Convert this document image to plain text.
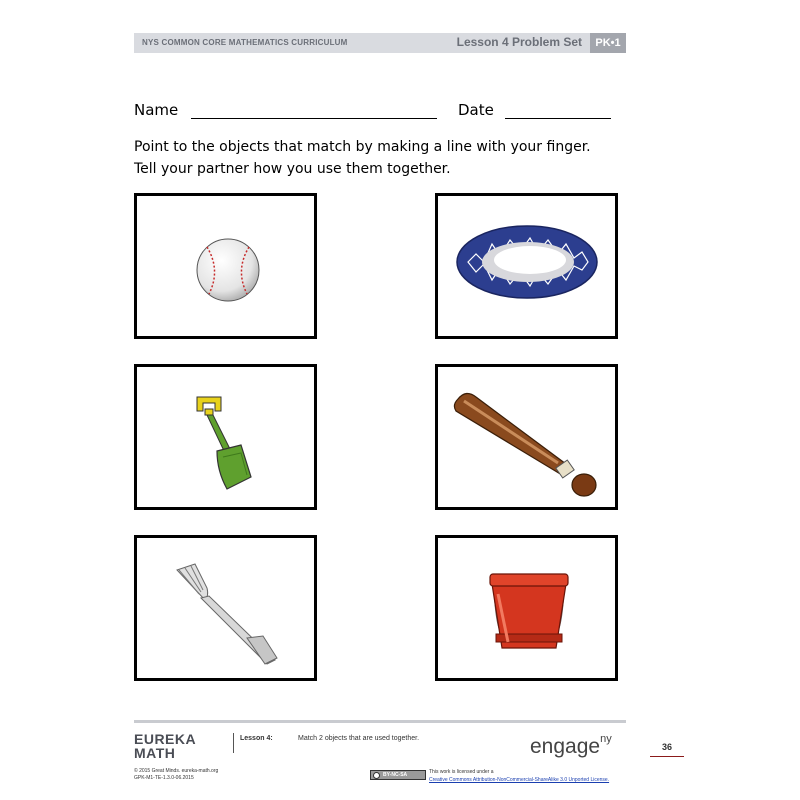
NYS COMMON CORE MATHEMATICS CURRICULUM	Lesson 4 Problem Set	PK•1
Name	Date
Point to the objects that match by making a line with your finger. Tell your partner how you use them together.
EUREKA
MATH
Lesson 4:	Match 2 objects that are used together.	engage$^{ny}$
36
© 2015 Great Minds. eureka-math.org
GPK-M1-TE-1.3.0-06.2015	BY-NC-SA	This work is licensed under a
Creative Commons Attribution-NonCommercial-ShareAlike 3.0 Unported License.
